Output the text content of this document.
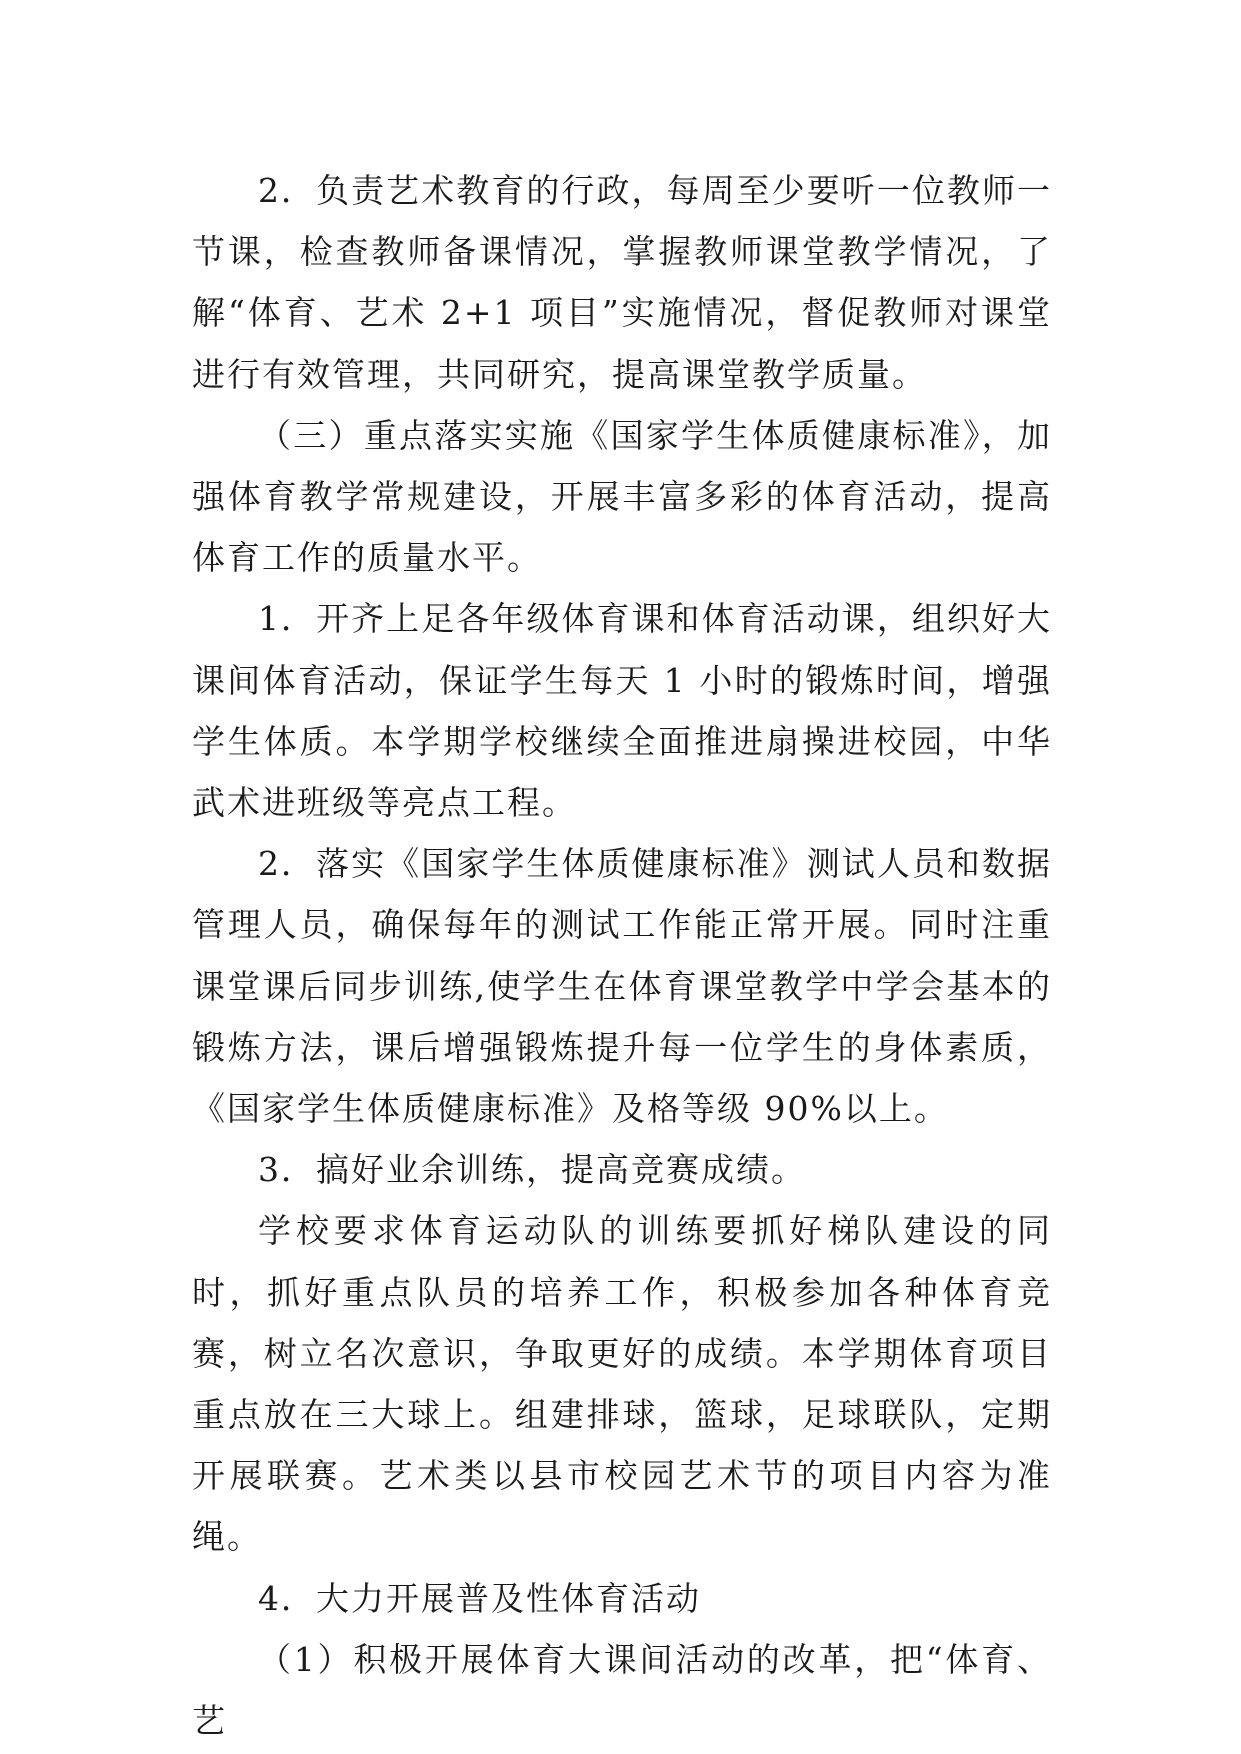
2．负责艺术教育的行政，每周至少要听一位教师一节课，检查教师备课情况，掌握教师课堂教学情况，了解“体育、艺术 2+1 项目”实施情况，督促教师对课堂进行有效管理，共同研究，提高课堂教学质量。

（三）重点落实实施《国家学生体质健康标准》，加强体育教学常规建设，开展丰富多彩的体育活动，提高体育工作的质量水平。

1．开齐上足各年级体育课和体育活动课，组织好大课间体育活动，保证学生每天 1 小时的锻炼时间，增强学生体质。本学期学校继续全面推进扇操进校园，中华武术进班级等亮点工程。

2．落实《国家学生体质健康标准》测试人员和数据管理人员，确保每年的测试工作能正常开展。同时注重课堂课后同步训练,使学生在体育课堂教学中学会基本的锻炼方法，课后增强锻炼提升每一位学生的身体素质，《国家学生体质健康标准》及格等级 90%以上。

3．搞好业余训练，提高竞赛成绩。

学校要求体育运动队的训练要抓好梯队建设的同时，抓好重点队员的培养工作，积极参加各种体育竞赛，树立名次意识，争取更好的成绩。本学期体育项目重点放在三大球上。组建排球，篮球，足球联队，定期开展联赛。艺术类以县市校园艺术节的项目内容为准绳。

4．大力开展普及性体育活动

（1）积极开展体育大课间活动的改革，把“体育、艺
